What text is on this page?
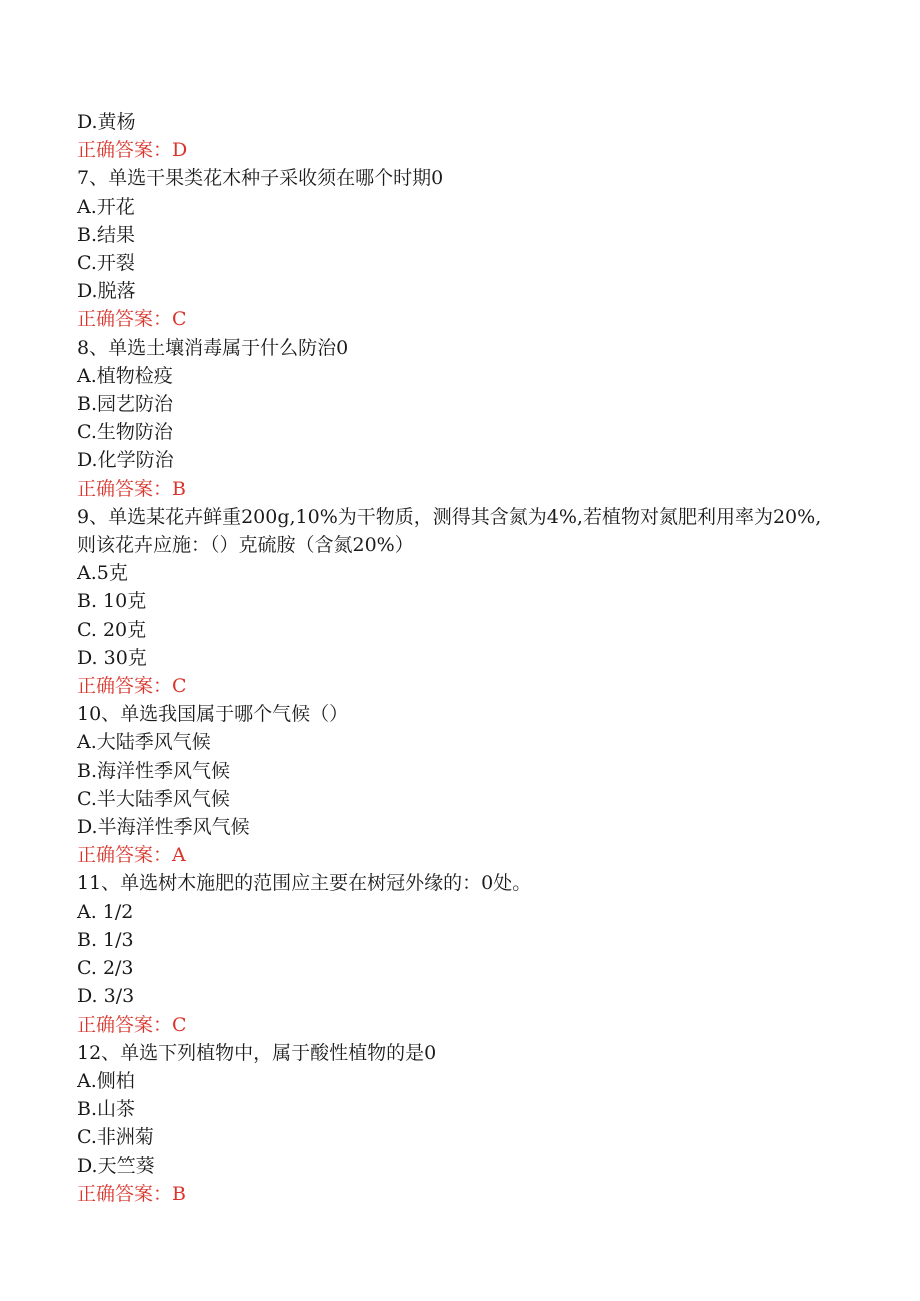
D.黄杨

正确答案：D

7、单选干果类花木种子采收须在哪个时期0

A.开花

B.结果

C.开裂

D.脱落

正确答案：C

8、单选土壤消毒属于什么防治0

A.植物检疫

B.园艺防治

C.生物防治

D.化学防治

正确答案：B

9、单选某花卉鲜重200g,10%为干物质，测得其含氮为4%,若植物对氮肥利用率为20%,则该花卉应施：（）克硫胺（含氮20%）

A.5克

B. 10克

C. 20克

D. 30克

正确答案：C

10、单选我国属于哪个气候（）

A.大陆季风气候

B.海洋性季风气候

C.半大陆季风气候

D.半海洋性季风气候

正确答案：A

11、单选树木施肥的范围应主要在树冠外缘的：0处。

A. 1/2

B. 1/3

C. 2/3

D. 3/3

正确答案：C

12、单选下列植物中，属于酸性植物的是0

A.侧柏

B.山茶

C.非洲菊

D.天竺葵

正确答案：B
